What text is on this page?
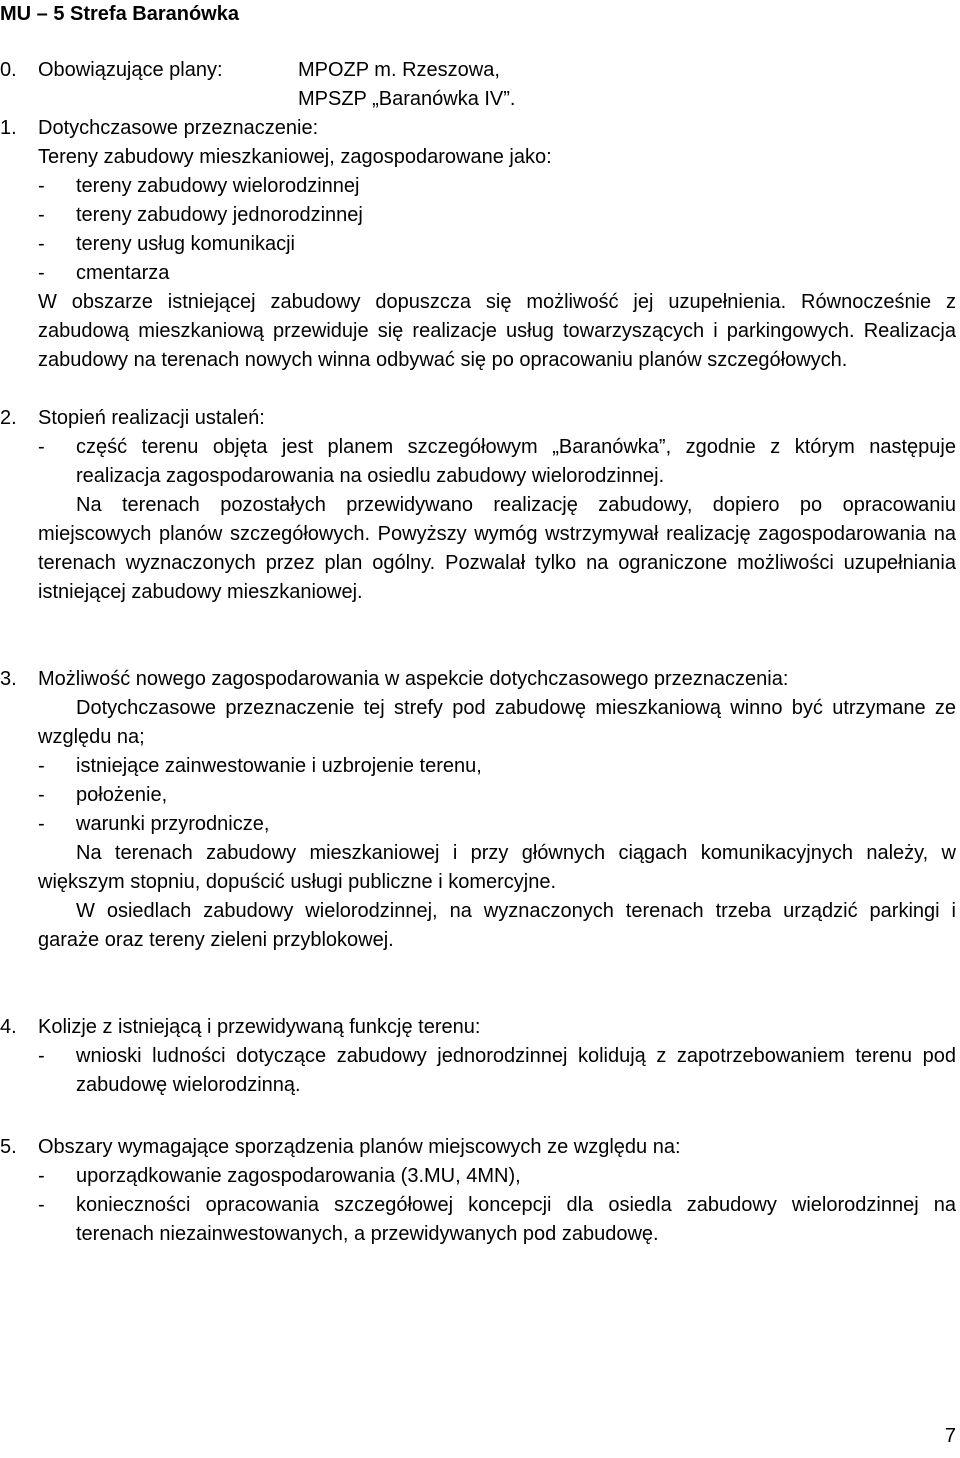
MU – 5 Strefa Baranówka
0.	Obowiązujące plany:	MPOZP m. Rzeszowa,
MPSZP „Baranówka IV”.
1.	Dotychczasowe przeznaczenie:
Tereny zabudowy mieszkaniowej, zagospodarowane jako:
-	tereny zabudowy wielorodzinnej
-	tereny zabudowy jednorodzinnej
-	tereny usług komunikacji
-	cmentarza
W obszarze istniejącej zabudowy dopuszcza się możliwość jej uzupełnienia. Równocześnie z zabudową mieszkaniową przewiduje się realizacje usług towarzyszących i parkingowych. Realizacja zabudowy na terenach nowych winna odbywać się po opracowaniu planów szczegółowych.
2.	Stopień realizacji ustaleń:
-	część terenu objęta jest planem szczegółowym „Baranówka”, zgodnie z którym następuje realizacja zagospodarowania na osiedlu zabudowy wielorodzinnej.
Na terenach pozostałych przewidywano realizację zabudowy, dopiero po opracowaniu miejscowych planów szczegółowych. Powyższy wymóg wstrzymywał realizację zagospodarowania na terenach wyznaczonych przez plan ogólny. Pozwalał tylko na ograniczone możliwości uzupełniania istniejącej zabudowy mieszkaniowej.
3.	Możliwość nowego zagospodarowania w aspekcie dotychczasowego przeznaczenia:
Dotychczasowe przeznaczenie tej strefy pod zabudowę mieszkaniową winno być utrzymane ze względu na;
-	istniejące zainwestowanie i uzbrojenie terenu,
-	położenie,
-	warunki przyrodnicze,
Na terenach zabudowy mieszkaniowej i przy głównych ciągach komunikacyjnych należy, w większym stopniu, dopuścić usługi publiczne i komercyjne.
W osiedlach zabudowy wielorodzinnej, na wyznaczonych terenach trzeba urządzić parkingi i garaże oraz tereny zieleni przyblokowej.
4.	Kolizje z istniejącą i przewidywaną funkcję terenu:
-	wnioski ludności dotyczące zabudowy jednorodzinnej kolidują z zapotrzebowaniem terenu pod zabudowę wielorodzinną.
5.	Obszary wymagające sporządzenia planów miejscowych ze względu na:
-	uporządkowanie zagospodarowania (3.MU, 4MN),
-	konieczności opracowania szczegółowej koncepcji dla osiedla zabudowy wielorodzinnej na terenach niezainwestowanych, a przewidywanych pod zabudowę.
7
